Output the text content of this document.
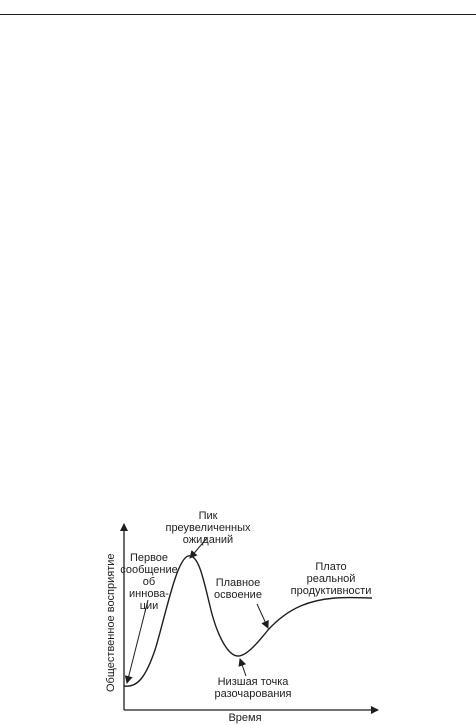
Общественное восприятие
Время
Первое
сообщение
об
иннова-
ции
Пик
преувеличенных
ожиданий
Плавное
освоение
Низшая точка
разочарования
Плато
реальной
продуктивности
